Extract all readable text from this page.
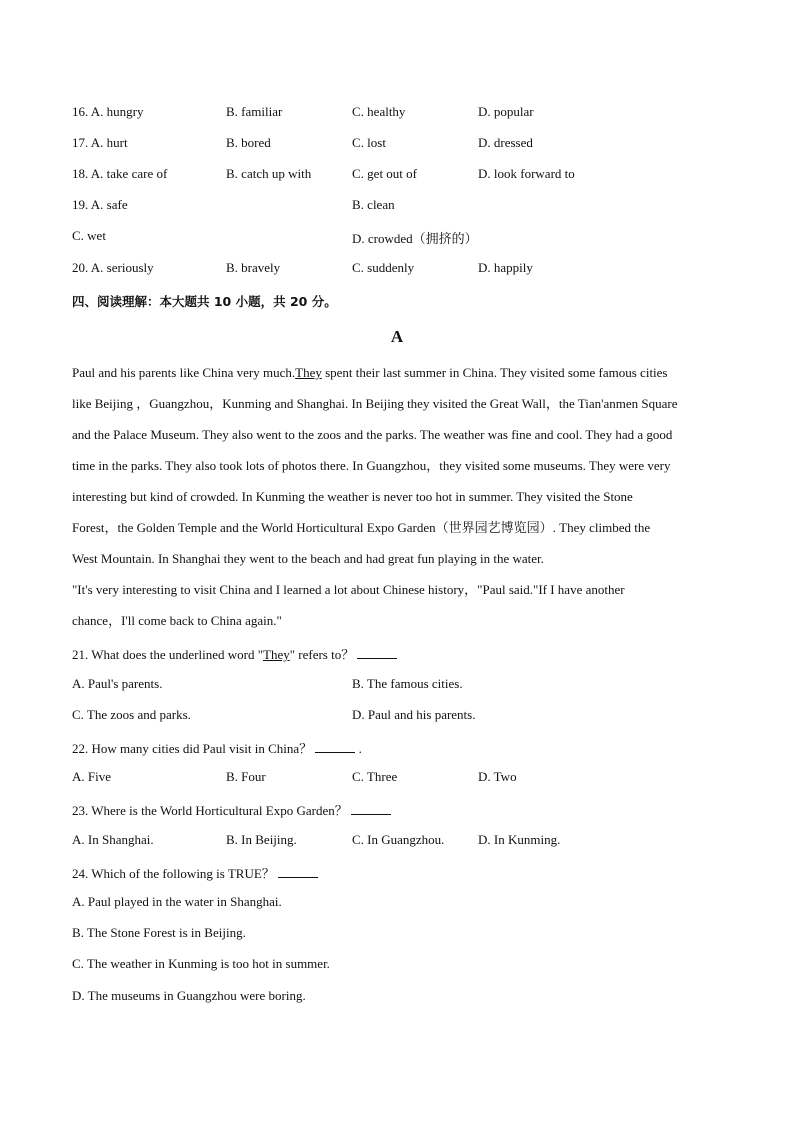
16. A. hungry	B. familiar	C. healthy	D. popular
17. A. hurt	B. bored	C. lost	D. dressed
18. A. take care of	B. catch up with	C. get out of	D. look forward to
19. A. safe	B. clean
C. wet	D. crowded（拥挤的）
20. A. seriously	B. bravely	C. suddenly	D. happily
四、阅读理解：本大题共 10 小题，共 20 分。
A

Paul and his parents like China very much.They spent their last summer in China. They visited some famous cities

like Beijing ，Guangzhou，Kunming and Shanghai. In Beijing they visited the Great Wall，the Tian'anmen Square

and the Palace Museum. They also went to the zoos and the parks. The weather was fine and cool. They had a good

time in the parks. They also took lots of photos there. In Guangzhou，they visited some museums. They were very

interesting but kind of crowded. In Kunming the weather is never too hot in summer. They visited the Stone

Forest，the Golden Temple and the World Horticultural Expo Garden（世界园艺博览园）. They climbed the

West Mountain. In Shanghai they went to the beach and had great fun playing in the water.

"It's very interesting to visit China and I learned a lot about Chinese history，"Paul said."If I have another

chance，I'll come back to China again."

21. What does the underlined word "They" refers to？
A. Paul's parents.	B. The famous cities.
C. The zoos and parks.	D. Paul and his parents.
22. How many cities did Paul visit in China？	.
A. Five	B. Four	C. Three	D. Two
23. Where is the World Horticultural Expo Garden？
A. In Shanghai.	B. In Beijing.	C. In Guangzhou.	D. In Kunming.
24. Which of the following is TRUE？
A. Paul played in the water in Shanghai.
B. The Stone Forest is in Beijing.
C. The weather in Kunming is too hot in summer.
D. The museums in Guangzhou were boring.
